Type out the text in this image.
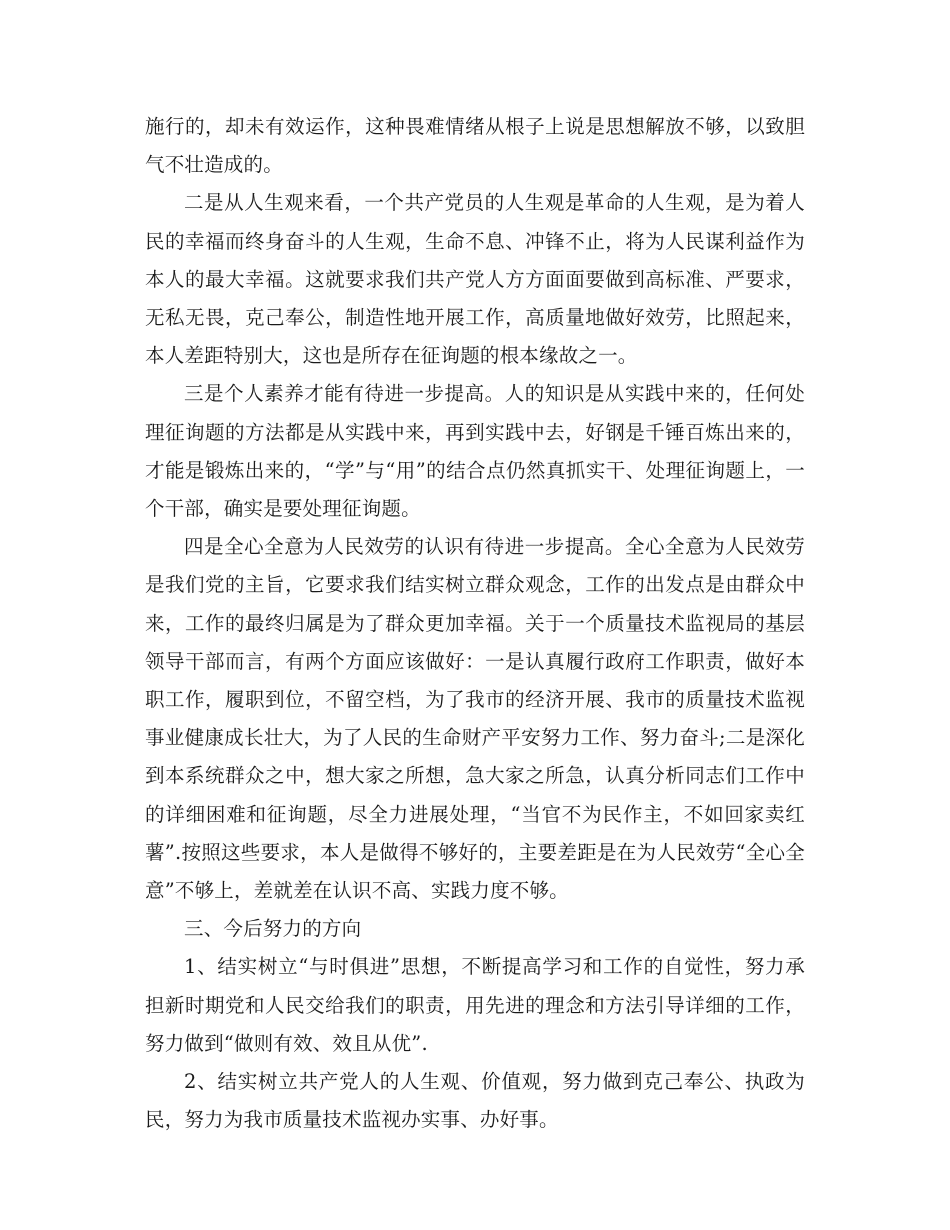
施行的，却未有效运作，这种畏难情绪从根子上说是思想解放不够，以致胆气不壮造成的。

二是从人生观来看，一个共产党员的人生观是革命的人生观，是为着人民的幸福而终身奋斗的人生观，生命不息、冲锋不止，将为人民谋利益作为本人的最大幸福。这就要求我们共产党人方方面面要做到高标准、严要求，无私无畏，克己奉公，制造性地开展工作，高质量地做好效劳，比照起来，本人差距特别大，这也是所存在征询题的根本缘故之一。

三是个人素养才能有待进一步提高。人的知识是从实践中来的，任何处理征询题的方法都是从实践中来，再到实践中去，好钢是千锤百炼出来的，才能是锻炼出来的，“学”与“用”的结合点仍然真抓实干、处理征询题上，一个干部，确实是要处理征询题。

四是全心全意为人民效劳的认识有待进一步提高。全心全意为人民效劳是我们党的主旨，它要求我们结实树立群众观念，工作的出发点是由群众中来，工作的最终归属是为了群众更加幸福。关于一个质量技术监视局的基层领导干部而言，有两个方面应该做好：一是认真履行政府工作职责，做好本职工作，履职到位，不留空档，为了我市的经济开展、我市的质量技术监视事业健康成长壮大，为了人民的生命财产平安努力工作、努力奋斗;二是深化到本系统群众之中，想大家之所想，急大家之所急，认真分析同志们工作中的详细困难和征询题，尽全力进展处理，“当官不为民作主，不如回家卖红薯”.按照这些要求，本人是做得不够好的，主要差距是在为人民效劳“全心全意”不够上，差就差在认识不高、实践力度不够。

三、今后努力的方向

1、结实树立“与时俱进”思想，不断提高学习和工作的自觉性，努力承担新时期党和人民交给我们的职责，用先进的理念和方法引导详细的工作，努力做到“做则有效、效且从优”.

2、结实树立共产党人的人生观、价值观，努力做到克己奉公、执政为民，努力为我市质量技术监视办实事、办好事。
